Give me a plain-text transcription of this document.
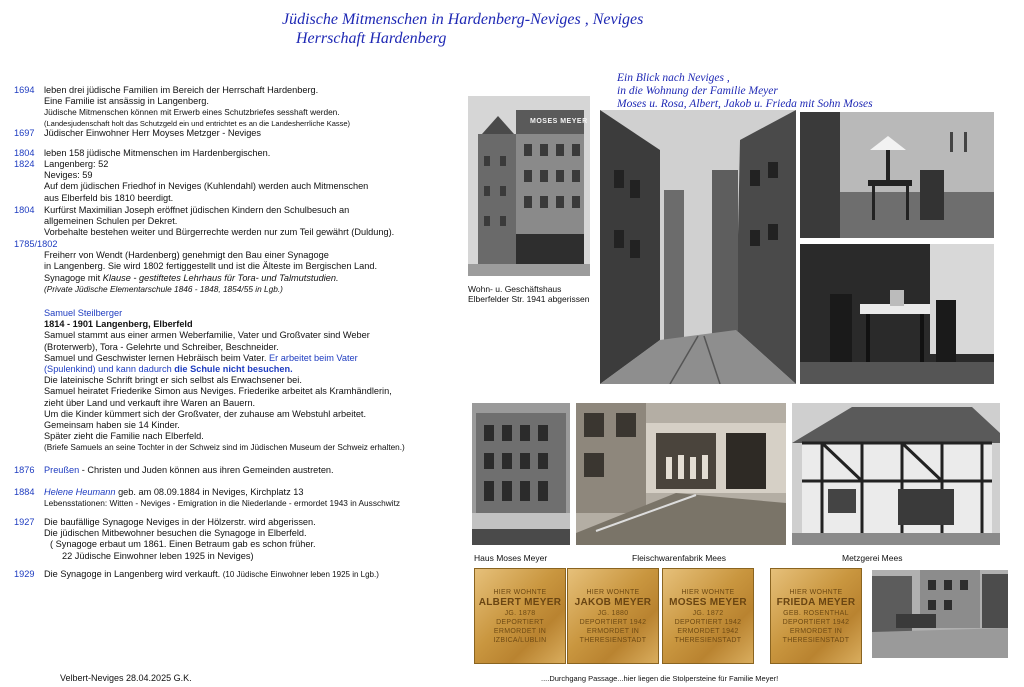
Jüdische Mitmenschen in Hardenberg-Neviges , Neviges
Herrschaft Hardenberg
1694 leben drei jüdische Familien im Bereich der Herrschaft Hardenberg.
Eine Familie ist ansässig in Langenberg.
Jüdische Mitmenschen können mit Erwerb eines Schutzbriefes sesshaft werden.
(Landesjudenschaft holt das Schutzgeld ein und entrichtet es an die Landesherrliche Kasse)
1697 Jüdischer Einwohner Herr Moyses Metzger - Neviges
1804 leben 158 jüdische Mitmenschen im Hardenbergischen.
1824 Langenberg: 52
Neviges: 59
Auf dem jüdischen Friedhof in Neviges (Kuhlendahl) werden auch Mitmenschen
aus Elberfeld bis 1810 beerdigt.
1804 Kurfürst Maximilian Joseph eröffnet jüdischen Kindern den Schulbesuch an
allgemeinen Schulen per Dekret.
Vorbehalte bestehen weiter und Bürgerrechte werden nur zum Teil gewährt (Duldung).
1785/1802
Freiherr von Wendt (Hardenberg) genehmigt den Bau einer Synagoge
in Langenberg. Sie wird 1802 fertiggestellt und ist die Älteste im Bergischen Land.
Synagoge mit Klause - gestiftetes Lehrhaus für Tora- und Talmutstudien.
(Private Jüdische Elementarschule 1846 - 1848, 1854/55 in Lgb.)
Samuel Steilberger
1814 - 1901 Langenberg, Elberfeld
Samuel stammt aus einer armen Weberfamilie, Vater und Großvater sind Weber
(Broterwerb), Tora - Gelehrte und Schreiber, Beschneider.
Samuel und Geschwister lernen Hebräisch beim Vater. Er arbeitet beim Vater
(Spulenkind) und kann dadurch die Schule nicht besuchen.
Die lateinische Schrift bringt er sich selbst als Erwachsener bei.
Samuel heiratet Friederike Simon aus Neviges. Friederike arbeitet als Kramhändlerin,
zieht über Land und verkauft ihre Waren an Bauern.
Um die Kinder kümmert sich der Großvater, der zuhause am Webstuhl arbeitet.
Gemeinsam haben sie 14 Kinder.
Später zieht die Familie nach Elberfeld.
(Briefe Samuels an seine Tochter in der Schweiz sind im Jüdischen Museum der Schweiz erhalten.)
1876 Preußen - Christen und Juden können aus ihren Gemeinden austreten.
1884 Helene Heumann geb. am 08.09.1884 in Neviges, Kirchplatz 13
Lebensstationen: Witten - Neviges - Emigration in die Niederlande - ermordet 1943 in Ausschwitz
1927 Die baufällige Synagoge Neviges in der Hölzerstr. wird abgerissen.
Die jüdischen Mitbewohner besuchen die Synagoge in Elberfeld.
( Synagoge erbaut um 1861. Einen Betraum gab es schon früher.
22 Jüdische Einwohner leben 1925 in Neviges)
1929 Die Synagoge in Langenberg wird verkauft. (10 Jüdische Einwohner leben 1925 in Lgb.)
Ein Blick nach Neviges ,
in die Wohnung der Familie Meyer
Moses u. Rosa, Albert, Jakob u. Frieda mit Sohn Moses
MOSES MEYER
Wohn- u. Geschäftshaus
Elberfelder Str. 1941 abgerissen
Haus Moses Meyer	Fleischwarenfabrik Mees	Metzgerei Mees
HIER WOHNTE
ALBERT MEYER
JG. 1878
DEPORTIERT
ERMORDET IN
IZBICA/LUBLIN
HIER WOHNTE
JAKOB MEYER
JG. 1880
DEPORTIERT 1942
ERMORDET IN
THERESIENSTADT
HIER WOHNTE
MOSES MEYER
JG. 1872
DEPORTIERT 1942
ERMORDET 1942
THERESIENSTADT
HIER WOHNTE
FRIEDA MEYER
GEB. ROSENTHAL
DEPORTIERT 1942
ERMORDET IN
THERESIENSTADT
Velbert-Neviges 28.04.2025 G.K.	....Durchgang Passage...hier liegen die Stolpersteine für Familie Meyer!
